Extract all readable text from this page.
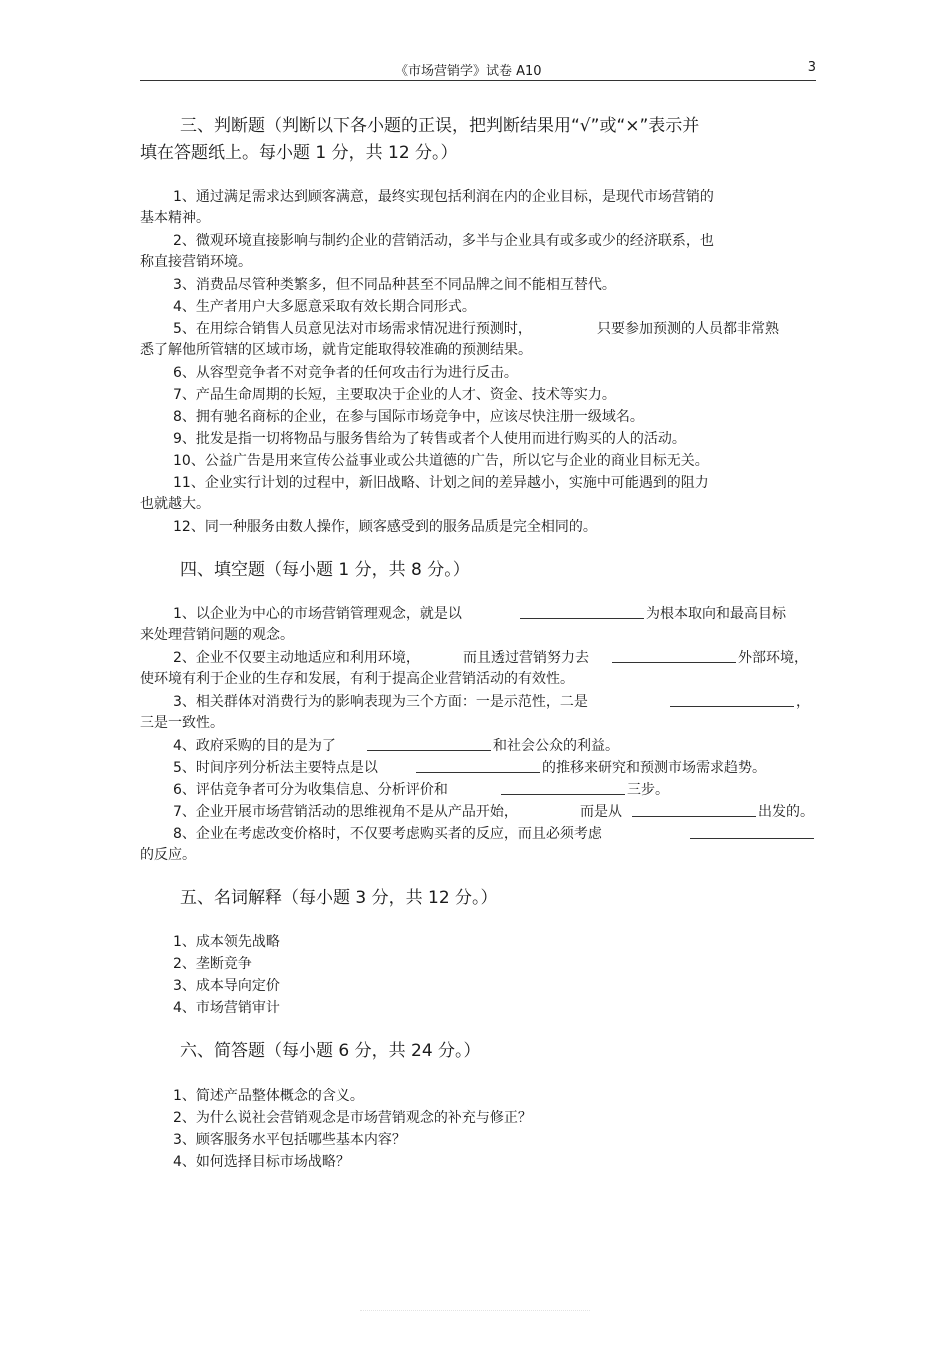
《市场营销学》试卷 A10	3
三、判断题（判断以下各小题的正误，把判断结果用“√”或“×”表示并
填在答题纸上。每小题 1 分，共 12 分。）
1、通过满足需求达到顾客满意，最终实现包括利润在内的企业目标，是现代市场营销的
基本精神。
2、微观环境直接影响与制约企业的营销活动，多半与企业具有或多或少的经济联系，也
称直接营销环境。
3、消费品尽管种类繁多，但不同品种甚至不同品牌之间不能相互替代。
4、生产者用户大多愿意采取有效长期合同形式。
5、在用综合销售人员意见法对市场需求情况进行预测时，	只要参加预测的人员都非常熟
悉了解他所管辖的区域市场，就肯定能取得较准确的预测结果。
6、从容型竞争者不对竞争者的任何攻击行为进行反击。
7、产品生命周期的长短，主要取决于企业的人才、资金、技术等实力。
8、拥有驰名商标的企业，在参与国际市场竞争中，应该尽快注册一级域名。
9、批发是指一切将物品与服务售给为了转售或者个人使用而进行购买的人的活动。
10、公益广告是用来宣传公益事业或公共道德的广告，所以它与企业的商业目标无关。
11、企业实行计划的过程中，新旧战略、计划之间的差异越小，实施中可能遇到的阻力
也就越大。
12、同一种服务由数人操作，顾客感受到的服务品质是完全相同的。
四、填空题（每小题 1 分，共 8 分。）
1、以企业为中心的市场营销管理观念，就是以	为根本取向和最高目标
来处理营销问题的观念。
2、企业不仅要主动地适应和利用环境，	而且透过营销努力去	外部环境，
使环境有利于企业的生存和发展，有利于提高企业营销活动的有效性。
3、相关群体对消费行为的影响表现为三个方面：一是示范性，二是	，
三是一致性。
4、政府采购的目的是为了	和社会公众的利益。
5、时间序列分析法主要特点是以	的推移来研究和预测市场需求趋势。
6、评估竞争者可分为收集信息、分析评价和	三步。
7、企业开展市场营销活动的思维视角不是从产品开始，	而是从	出发的。
8、企业在考虑改变价格时，不仅要考虑购买者的反应，而且必须考虑
的反应。
五、名词解释（每小题 3 分，共 12 分。）
1、成本领先战略
2、垄断竞争
3、成本导向定价
4、市场营销审计
六、简答题（每小题 6 分，共 24 分。）
1、简述产品整体概念的含义。
2、为什么说社会营销观念是市场营销观念的补充与修正？
3、顾客服务水平包括哪些基本内容？
4、如何选择目标市场战略？
